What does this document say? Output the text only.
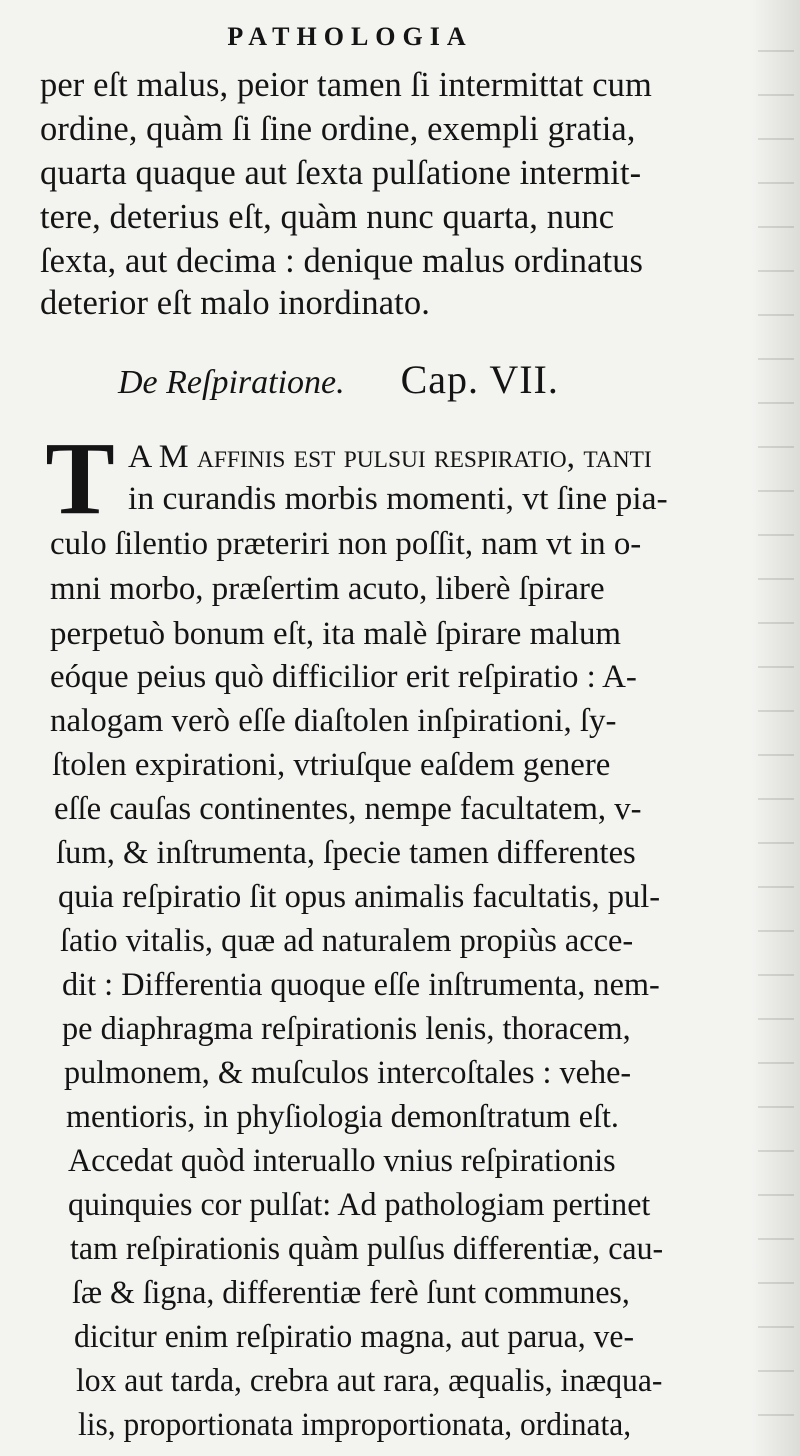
PATHOLOGIA
per eſt malus, peior tamen ſi intermittat cum
ordine, quàm ſi ſine ordine, exempli gratia,
quarta quaque aut ſexta pulſatione intermit-
tere, deterius eſt, quàm nunc quarta, nunc
ſexta, aut decima : denique malus ordinatus
deterior eſt malo inordinato.
De Reſpiratione. Cap. VII.
T A M affinis eſt pulſui reſpiratio, tanti
in curandis morbis momenti, vt ſine pia-
culo ſilentio præteriri non poſſit, nam vt in o-
mni morbo, præſertim acuto, liberè ſpirare
perpetuò bonum eſt, ita malè ſpirare malum
eóque peius quò difficilior erit reſpiratio : A-
nalogam verò eſſe diaſtolen inſpirationi, ſy-
ſtolen expirationi, vtriuſque eaſdem genere
eſſe cauſas continentes, nempe facultatem, v-
ſum, & inſtrumenta, ſpecie tamen differentes
quia reſpiratio ſit opus animalis facultatis, pul-
ſatio vitalis, quæ ad naturalem propiùs acce-
dit : Differentia quoque eſſe inſtrumenta, nem-
pe diaphragma reſpirationis lenis, thoracem,
pulmonem, & muſculos intercoſtales : vehe-
mentioris, in phyſiologia demonſtratum eſt.
Accedat quòd interuallo vnius reſpirationis
quinquies cor pulſat: Ad pathologiam pertinet
tam reſpirationis quàm pulſus differentiæ, cau-
ſæ & ſigna, differentiæ ferè ſunt communes,
dicitur enim reſpiratio magna, aut parua, ve-
lox aut tarda, crebra aut rara, æqualis, inæqua-
lis, proportionata improportionata, ordinata,
